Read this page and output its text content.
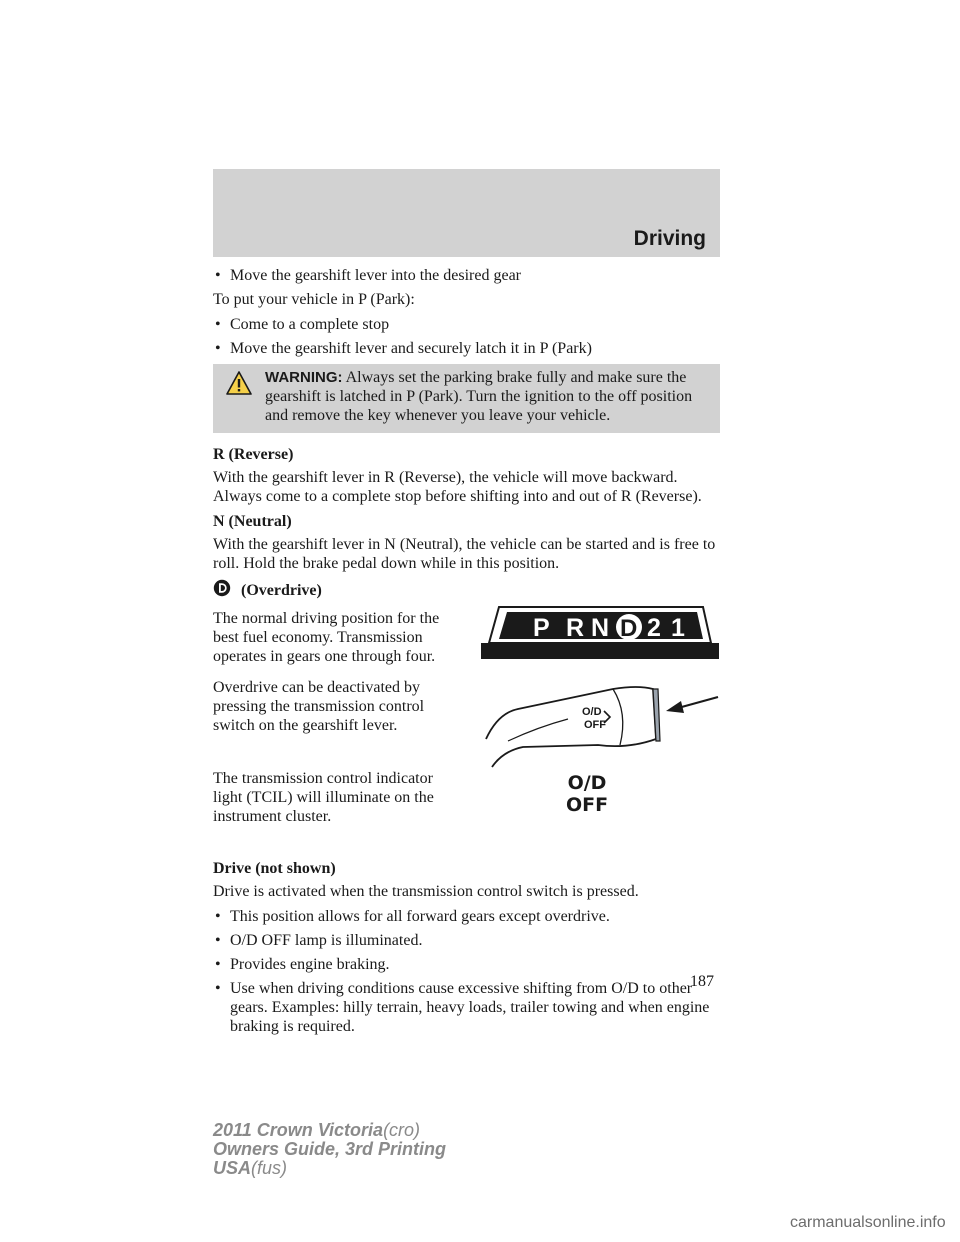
Driving
• Move the gearshift lever into the desired gear

To put your vehicle in P (Park):

• Come to a complete stop
• Move the gearshift lever and securely latch it in P (Park)
WARNING: Always set the parking brake fully and make sure the gearshift is latched in P (Park). Turn the ignition to the off position and remove the key whenever you leave your vehicle.

R (Reverse)

With the gearshift lever in R (Reverse), the vehicle will move backward. Always come to a complete stop before shifting into and out of R (Reverse).

N (Neutral)

With the gearshift lever in N (Neutral), the vehicle can be started and is free to roll. Hold the brake pedal down while in this position.

(Overdrive)

The normal driving position for the best fuel economy. Transmission operates in gears one through four.

Overdrive can be deactivated by pressing the transmission control switch on the gearshift lever.

The transmission control indicator light (TCIL) will illuminate on the instrument cluster.

P R N D 2 1
O/D
OFF
O/D
OFF

Drive (not shown)

Drive is activated when the transmission control switch is pressed.

• This position allows for all forward gears except overdrive.
• O/D OFF lamp is illuminated.
• Provides engine braking.
• Use when driving conditions cause excessive shifting from O/D to other gears. Examples: hilly terrain, heavy loads, trailer towing and when engine braking is required.
187
2011 Crown Victoria(cro)
Owners Guide, 3rd Printing
USA(fus)
carmanualsonline.info
